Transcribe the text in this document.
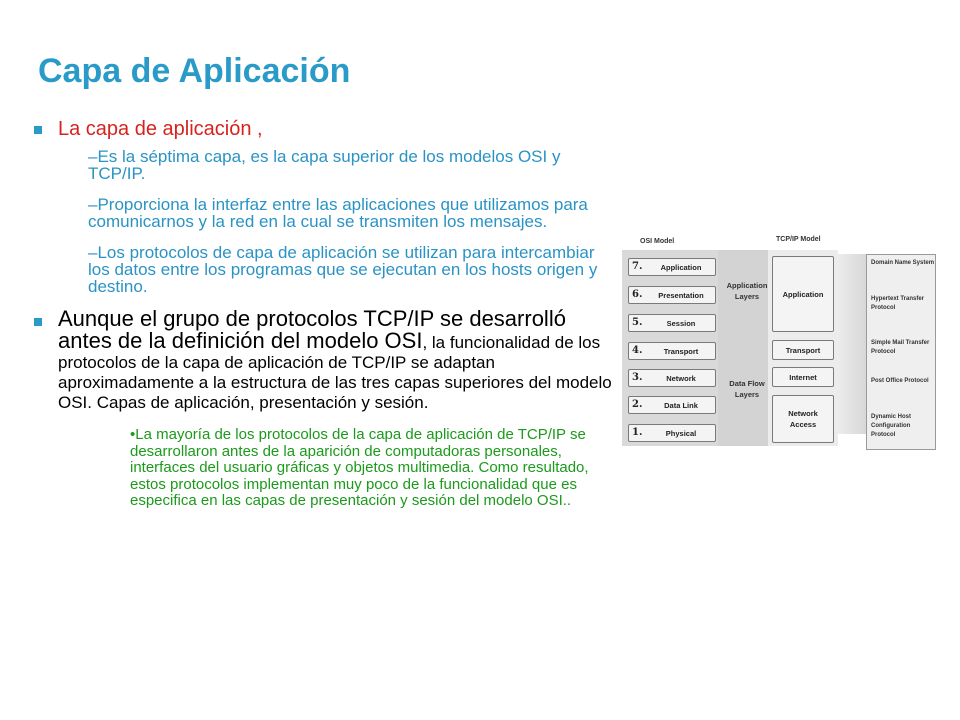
Capa de Aplicación
La capa de aplicación ,
–Es la séptima capa, es la capa superior de los modelos OSI y TCP/IP.
–Proporciona la interfaz entre las aplicaciones que utilizamos para comunicarnos y la red en la cual se transmiten los mensajes.
–Los protocolos de capa de aplicación se utilizan para intercambiar los datos entre los programas que se ejecutan en los hosts origen y destino.
Aunque el grupo de protocolos TCP/IP se desarrolló antes de la definición del modelo OSI, la funcionalidad de los protocolos de la capa de aplicación de TCP/IP se adaptan aproximadamente a la estructura de las tres capas superiores del modelo OSI. Capas de aplicación, presentación y sesión.
•La mayoría de los protocolos de la capa de aplicación de TCP/IP se desarrollaron antes de la aparición de computadoras personales, interfaces del usuario gráficas y objetos multimedia. Como resultado, estos protocolos implementan muy poco de la funcionalidad que es especifica en las capas de presentación y sesión del modelo OSI..
OSI Model	TCP/IP Model
7.	Application
6.	Presentation
5.	Session
4.	Transport
3.	Network
2.	Data Link
1.	Physical
Application Layers
Data Flow Layers
Application
Transport
Internet
Network Access
Domain Name System
Hypertext Transfer Protocol
Simple Mail Transfer Protocol
Post Office Protocol
Dynamic Host Configuration Protocol
